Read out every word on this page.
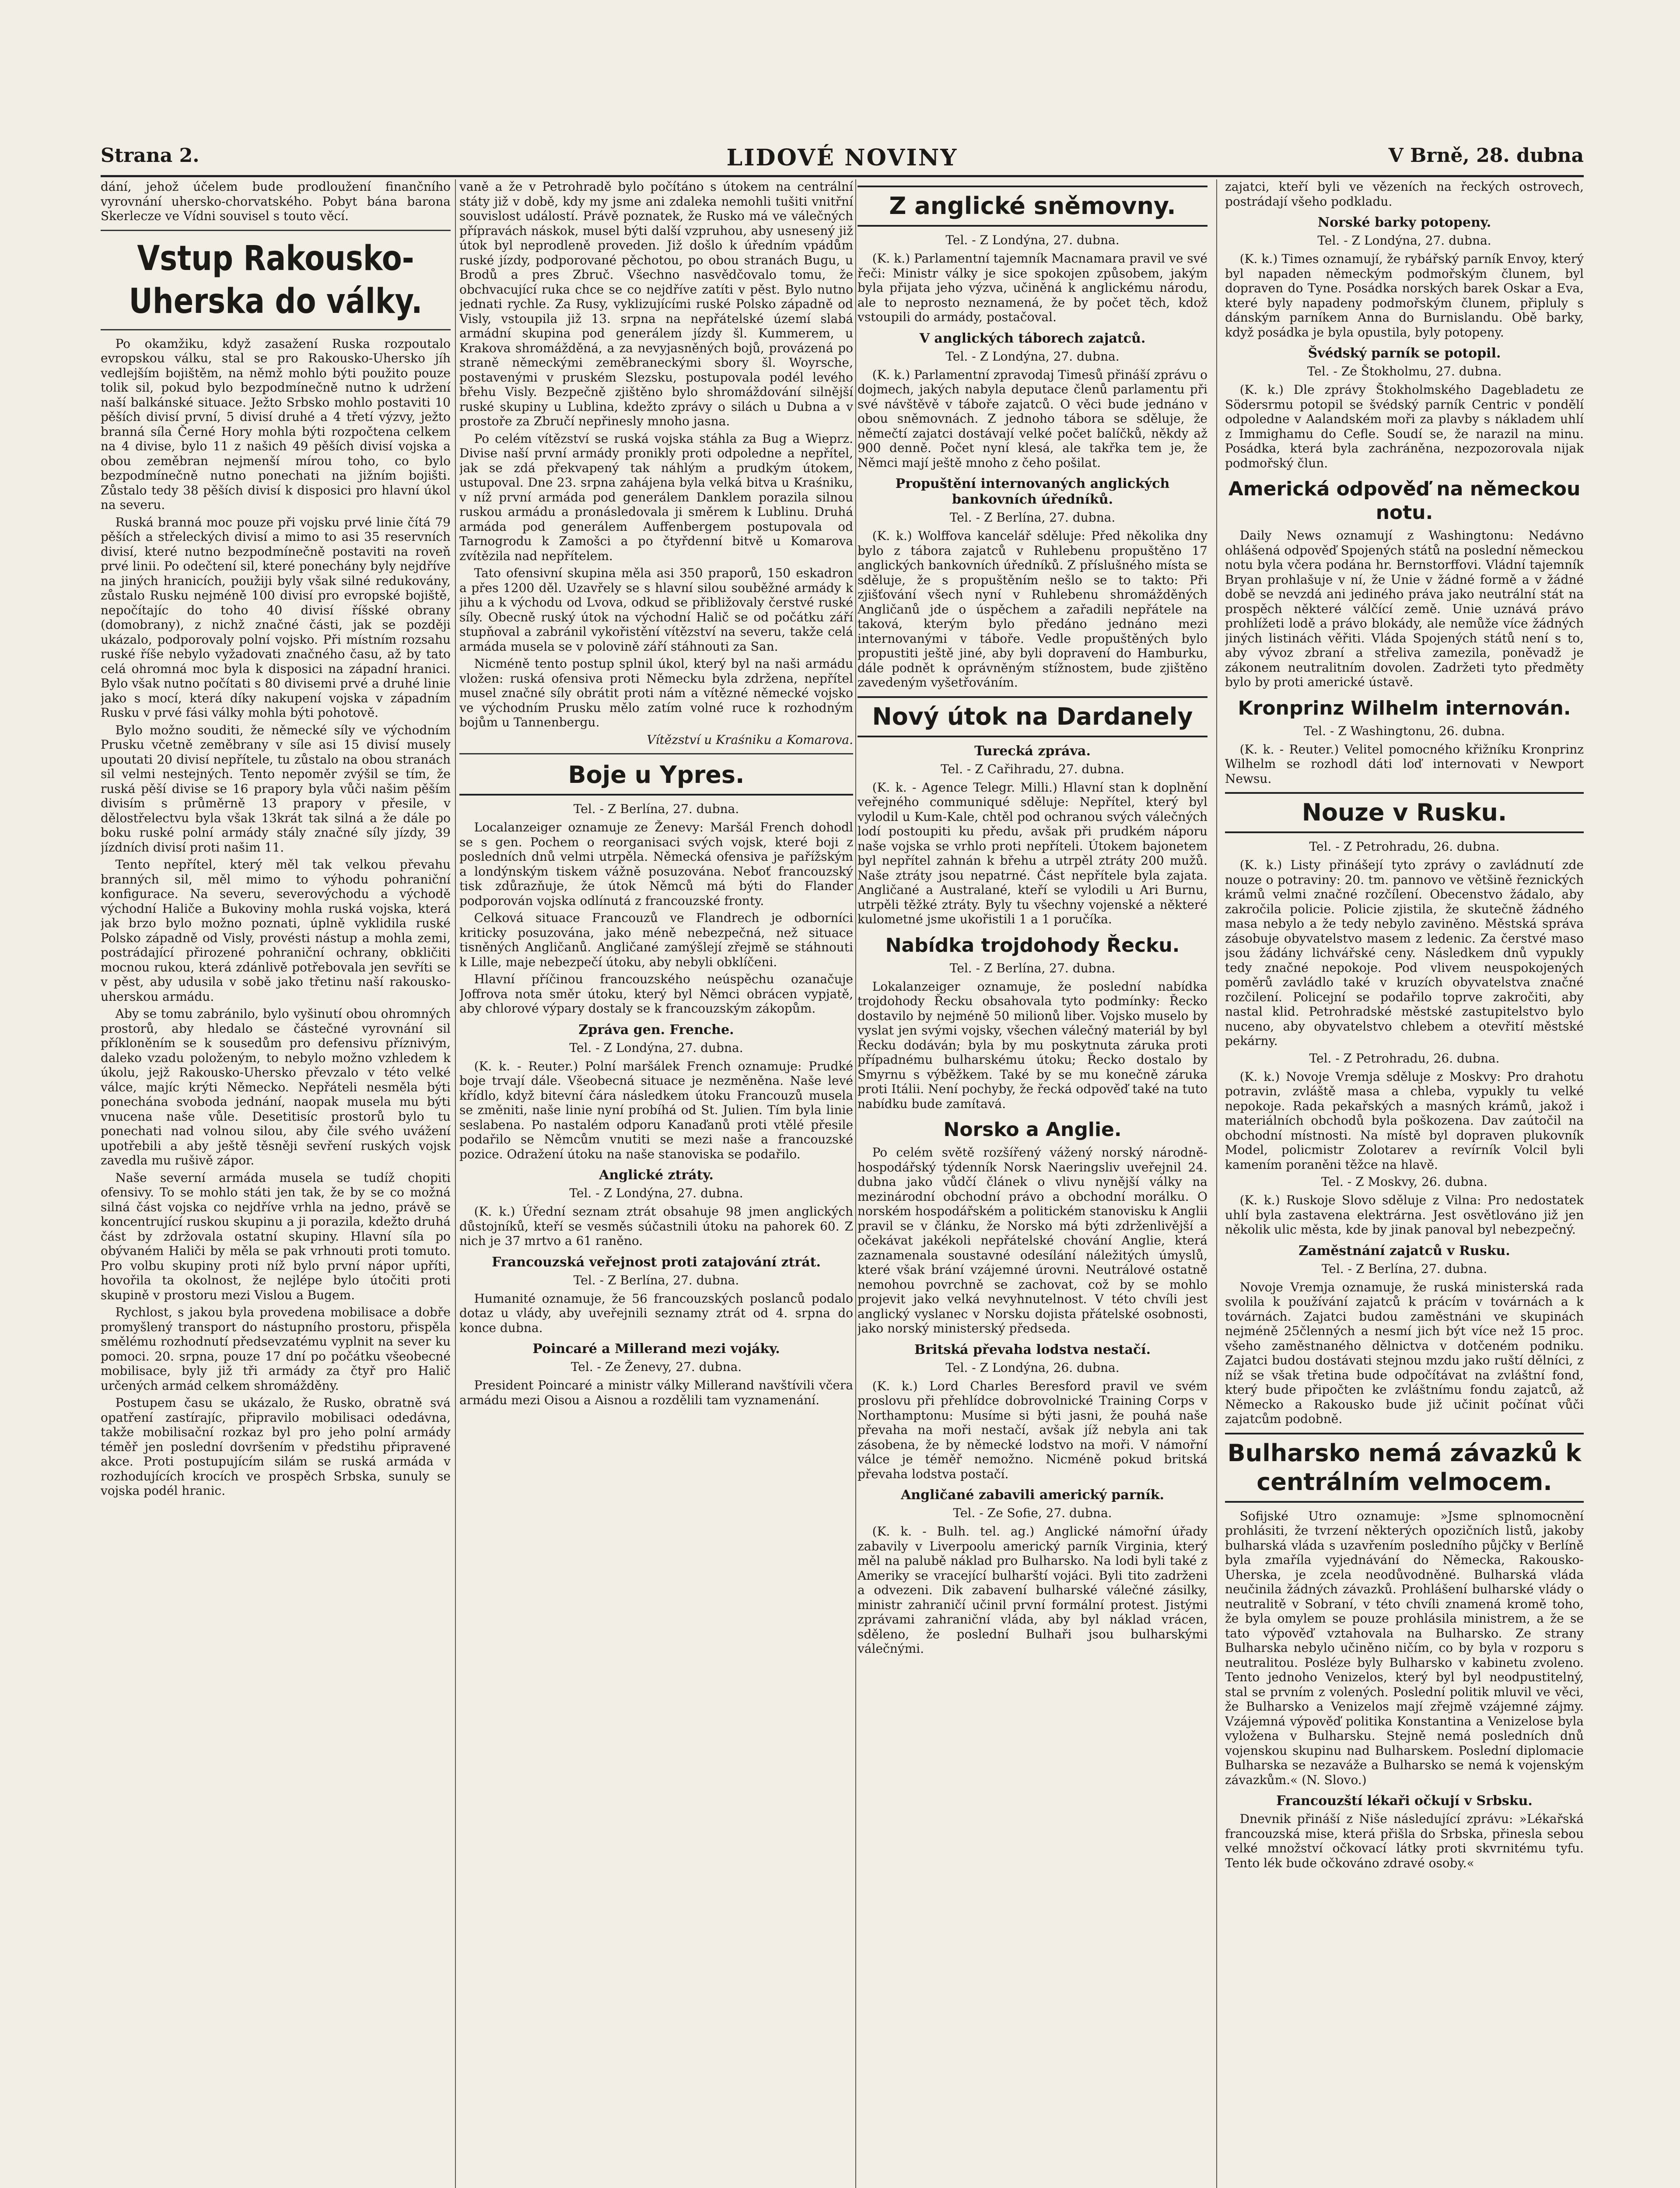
Strana 2.	LIDOVÉ NOVINY	V Brně, 28. dubna

dání, jehož účelem bude prodloužení finančního vyrovnání uhersko-chorvatského. Pobyt bána barona Skerlecze ve Vídni souvisel s touto věcí.

Vstup Rakousko-Uherska do války.

Po okamžiku, když zasažení Ruska rozpoutalo evropskou válku, stal se pro Rakousko-Uhersko jíh vedlejším bojištěm, na němž mohlo býti použito pouze tolik sil, pokud bylo bezpodmínečně nutno k udržení naší balkánské situace. Ježto Srbsko mohlo postaviti 10 pěších divisí první, 5 divisí druhé a 4 třetí výzvy, ježto branná síla Černé Hory mohla býti rozpočtena celkem na 4 divise, bylo 11 z našich 49 pěších divisí vojska a obou zeměbran nejmenší mírou toho, co bylo bezpodmínečně nutno ponechati na jižním bojišti. Zůstalo tedy 38 pěších divisí k disposici pro hlavní úkol na severu.

Ruská branná moc pouze při vojsku prvé linie čítá 79 pěších a střeleckých divisí a mimo to asi 35 reservních divisí, které nutno bezpodmínečně postaviti na roveň prvé linii. Po odečtení sil, které ponechány byly nejdříve na jiných hranicích, použiji byly však silné redukovány, zůstalo Rusku nejméně 100 divisí pro evropské bojiště, nepočítajíc do toho 40 divisí říšské obrany (domobrany), z nichž značné části, jak se později ukázalo, podporovaly polní vojsko. Při místním rozsahu ruské říše nebylo vyžadovati značného času, až by tato celá ohromná moc byla k disposici na západní hranici. Bylo však nutno počítati s 80 divisemi prvé a druhé linie jako s mocí, která díky nakupení vojska v západním Rusku v prvé fási války mohla býti pohotově.

Bylo možno souditi, že německé síly ve východním Prusku včetně zeměbrany v síle asi 15 divisí musely upoutati 20 divisí nepřítele, tu zůstalo na obou stranách sil velmi nestejných. Tento nepoměr zvýšil se tím, že ruská pěší divise se 16 prapory byla vůči našim pěším divisím s průměrně 13 prapory v přesile, v dělostřelectvu byla však 13krát tak silná a že dále po boku ruské polní armády stály značné síly jízdy, 39 jízdních divisí proti našim 11.

Tento nepřítel, který měl tak velkou převahu branných sil, měl mimo to výhodu pohraniční konfigurace. Na severu, severovýchodu a východě východní Haliče a Bukoviny mohla ruská vojska, která jak brzo bylo možno poznati, úplně vyklidila ruské Polsko západně od Visly, provésti nástup a mohla zemi, postrádající přirozené pohraniční ochrany, obkličiti mocnou rukou, která zdánlivě potřebovala jen sevříti se v pěst, aby udusila v sobě jako třetinu naší rakousko-uherskou armádu.

Aby se tomu zabránilo, bylo vyšinutí obou ohromných prostorů, aby hledalo se částečné vyrovnání sil příkloněním se k sousedům pro defensivu příznivým, daleko vzadu položeným, to nebylo možno vzhledem k úkolu, jejž Rakousko-Uhersko převzalo v této velké válce, majíc krýti Německo. Nepřáteli nesměla býti ponechána svoboda jednání, naopak musela mu býti vnucena naše vůle. Desetitisíc prostorů bylo tu ponechati nad volnou silou, aby čile svého uvážení upotřebili a aby ještě těsněji sevření ruských vojsk zavedla mu rušivě zápor.

Naše severní armáda musela se tudíž chopiti ofensivy. To se mohlo státi jen tak, že by se co možná silná část vojska co nejdříve vrhla na jedno, právě se koncentrující ruskou skupinu a ji porazila, kdežto druhá část by zdržovala ostatní skupiny. Hlavní síla po obývaném Haliči by měla se pak vrhnouti proti tomuto. Pro volbu skupiny proti níž bylo první nápor upříti, hovořila ta okolnost, že nejlépe bylo útočiti proti skupině v prostoru mezi Vislou a Bugem.

Rychlost, s jakou byla provedena mobilisace a dobře promyšlený transport do nástupního prostoru, přispěla smělému rozhodnutí předsevzatému vyplnit na sever ku pomoci. 20. srpna, pouze 17 dní po počátku všeobecné mobilisace, byly již tři armády za čtyř pro Halič určených armád celkem shromážděny.

Postupem času se ukázalo, že Rusko, obratně svá opatření zastírajíc, připravilo mobilisaci odedávna, takže mobilisační rozkaz byl pro jeho polní armády téměř jen poslední dovršením v předstihu připravené akce. Proti postupujícím silám se ruská armáda v rozhodujících krocích ve prospěch Srbska, sunuly se vojska podél hranic.

vaně a že v Petrohradě bylo počítáno s útokem na centrální státy již v době, kdy my jsme ani zdaleka nemohli tušiti vnitřní souvislost událostí. Právě poznatek, že Rusko má ve válečných přípravách náskok, musel býti další vzpruhou, aby usnesený již útok byl neprodleně proveden. Již došlo k úředním vpádům ruské jízdy, podporované pěchotou, po obou stranách Bugu, u Brodů a pres Zbruč. Všechno nasvědčovalo tomu, že obchvacující ruka chce se co nejdříve zatíti v pěst. Bylo nutno jednati rychle. Za Rusy, vyklizujícími ruské Polsko západně od Visly, vstoupila již 13. srpna na nepřátelské území slabá armádní skupina pod generálem jízdy šl. Kummerem, u Krakova shromážděná, a za nevyjasněných bojů, provázená po straně německými zeměbraneckými sbory šl. Woyrsche, postavenými v pruském Slezsku, postupovala podél levého břehu Visly. Bezpečně zjištěno bylo shromáždování silnější ruské skupiny u Lublina, kdežto zprávy o silách u Dubna a v prostoře za Zbručí nepřinesly mnoho jasna.

Po celém vítězství se ruská vojska stáhla za Bug a Wieprz. Divise naší první armády pronikly proti odpoledne a nepřítel, jak se zdá překvapený tak náhlým a prudkým útokem, ustupoval. Dne 23. srpna zahájena byla velká bitva u Kraśniku, v níž první armáda pod generálem Danklem porazila silnou ruskou armádu a pronásledovala ji směrem k Lublinu. Druhá armáda pod generálem Auffenbergem postupovala od Tarnogrodu k Zamošci a po čtyřdenní bitvě u Komarova zvítězila nad nepřítelem.

Tato ofensivní skupina měla asi 350 praporů, 150 eskadron a přes 1200 děl. Uzavřely se s hlavní silou souběžné armády k jihu a k východu od Lvova, odkud se přibližovaly čerstvé ruské síly. Obecně ruský útok na východní Halič se od počátku září stupňoval a zabránil vykořistění vítězství na severu, takže celá armáda musela se v polovině září stáhnouti za San.

Nicméně tento postup splnil úkol, který byl na naši armádu vložen: ruská ofensiva proti Německu byla zdržena, nepřítel musel značné síly obrátit proti nám a vítězné německé vojsko ve východním Prusku mělo zatím volné ruce k rozhodným bojům u Tannenbergu.

Vítězství u Kraśniku a Komarova.

Boje u Ypres.
Tel. - Z Berlína, 27. dubna.

Localanzeiger oznamuje ze Ženevy: Maršál French dohodl se s gen. Pochem o reorganisaci svých vojsk, které boji z posledních dnů velmi utrpěla. Německá ofensiva je pařížským a londýnským tiskem vážně posuzována. Neboť francouzský tisk zdůrazňuje, že útok Němců má býti do Flander podporován vojska odlínutá z francouzské fronty.

Celková situace Francouzů ve Flandrech je odborníci kriticky posuzována, jako méně nebezpečná, než situace tisněných Angličanů. Angličané zamýšlejí zřejmě se stáhnouti k Lille, maje nebezpečí útoku, aby nebyli obklíčeni.

Hlavní příčinou francouzského neúspěchu ozanačuje Joffrova nota směr útoku, který byl Němci obrácen vypjatě, aby chlorové výpary dostaly se k francouzským zákopům.

Zpráva gen. Frenche.
Tel. - Z Londýna, 27. dubna.

(K. k. - Reuter.) Polní maršálek French oznamuje: Prudké boje trvají dále. Všeobecná situace je nezměněna. Naše levé křídlo, když bitevní čára následkem útoku Francouzů musela se změniti, naše linie nyní probíhá od St. Julien. Tím byla linie seslabena. Po nastalém odporu Kanaďanů proti vtělé přesile podařilo se Němcům vnutiti se mezi naše a francouzské pozice. Odražení útoku na naše stanoviska se podařilo.

Anglické ztráty.
Tel. - Z Londýna, 27. dubna.

(K. k.) Úřední seznam ztrát obsahuje 98 jmen anglických důstojníků, kteří se vesměs súčastnili útoku na pahorek 60. Z nich je 37 mrtvo a 61 raněno.

Francouzská veřejnost proti zatajování ztrát.
Tel. - Z Berlína, 27. dubna.

Humanité oznamuje, že 56 francouzských poslanců podalo dotaz u vlády, aby uveřejnili seznamy ztrát od 4. srpna do konce dubna.

Poincaré a Millerand mezi vojáky.
Tel. - Ze Ženevy, 27. dubna.

President Poincaré a ministr války Millerand navštívili včera armádu mezi Oisou a Aisnou a rozdělili tam vyznamenání.

Z anglické sněmovny.
Tel. - Z Londýna, 27. dubna.

(K. k.) Parlamentní tajemník Macnamara pravil ve své řeči: Ministr války je sice spokojen způsobem, jakým byla přijata jeho výzva, učiněná k anglickému národu, ale to neprosto neznamená, že by počet těch, kdož vstoupili do armády, postačoval.

V anglických táborech zajatců.
Tel. - Z Londýna, 27. dubna.

(K. k.) Parlamentní zpravodaj Timesů přináší zprávu o dojmech, jakých nabyla deputace členů parlamentu při své návštěvě v táboře zajatců. O věci bude jednáno v obou sněmovnách. Z jednoho tábora se sděluje, že němečtí zajatci dostávají velké počet balíčků, někdy až 900 denně. Počet nyní klesá, ale takřka tem je, že Němci mají ještě mnoho z čeho pošilat.

Propuštění internovaných anglických bankovních úředníků.
Tel. - Z Berlína, 27. dubna.

(K. k.) Wolffova kancelář sděluje: Před několika dny bylo z tábora zajatců v Ruhlebenu propuštěno 17 anglických bankovních úředníků. Z příslušného místa se sděluje, že s propuštěním nešlo se to takto: Při zjišťování všech nyní v Ruhlebenu shromážděných Angličanů jde o úspěchem a zařadili nepřátele na taková, kterým bylo předáno jednáno mezi internovanými v táboře. Vedle propuštěných bylo propustiti ještě jiné, aby byli dopravení do Hamburku, dále podnět k oprávněným stížnostem, bude zjištěno zavedeným vyšetřováním.

Nový útok na Dardanely
Turecká zpráva.
Tel. - Z Cařihradu, 27. dubna.

(K. k. - Agence Telegr. Milli.) Hlavní stan k doplnění veřejného communiqué sděluje: Nepřítel, který byl vylodil u Kum-Kale, chtěl pod ochranou svých válečných lodí postoupiti ku předu, avšak při prudkém náporu naše vojska se vrhlo proti nepříteli. Útokem bajonetem byl nepřítel zahnán k břehu a utrpěl ztráty 200 mužů. Naše ztráty jsou nepatrné. Část nepřítele byla zajata. Angličané a Australané, kteří se vylodili u Ari Burnu, utrpěli těžké ztráty. Byly tu všechny vojenské a některé kulometné jsme ukořistili 1 a 1 poručíka.

Nabídka trojdohody Řecku.
Tel. - Z Berlína, 27. dubna.

Lokalanzeiger oznamuje, že poslední nabídka trojdohody Řecku obsahovala tyto podmínky: Řecko dostavilo by nejméně 50 milionů liber. Vojsko muselo by vyslat jen svými vojsky, všechen válečný materiál by byl Řecku dodáván; byla by mu poskytnuta záruka proti případnému bulharskému útoku; Řecko dostalo by Smyrnu s výběžkem. Také by se mu konečně záruka proti Itálii. Není pochyby, že řecká odpověď také na tuto nabídku bude zamítavá.

Norsko a Anglie.

Po celém světě rozšířený vážený norský národně-hospodářský týdenník Norsk Naeringsliv uveřejnil 24. dubna jako vůdčí článek o vlivu nynější války na mezinárodní obchodní právo a obchodní morálku. O norském hospodářském a politickém stanovisku k Anglii pravil se v článku, že Norsko má býti zdrženlivější a očekávat jakékoli nepřátelské chování Anglie, která zaznamenala soustavné odesílání náležitých úmyslů, které však brání vzájemné úrovni. Neutrálové ostatně nemohou povrchně se zachovat, což by se mohlo projevit jako velká nevyhnutelnost. V této chvíli jest anglický vyslanec v Norsku dojista přátelské osobnosti, jako norský ministerský předseda.

Britská převaha lodstva nestačí.
Tel. - Z Londýna, 26. dubna.

(K. k.) Lord Charles Beresford pravil ve svém proslovu při přehlídce dobrovolnické Training Corps v Northamptonu: Musíme si býti jasni, že pouhá naše převaha na moři nestačí, avšak jíž nebyla ani tak zásobena, že by německé lodstvo na moři. V námořní válce je téměř nemožno. Nicméně pokud britská převaha lodstva postačí.

Angličané zabavili americký parník.
Tel. - Ze Sofie, 27. dubna.

(K. k. - Bulh. tel. ag.) Anglické námořní úřady zabavily v Liverpoolu americký parník Virginia, který měl na palubě náklad pro Bulharsko. Na lodi byli také z Ameriky se vracející bulharští vojáci. Byli tito zadrženi a odvezeni. Dik zabavení bulharské válečné zásilky, ministr zahraničí učinil první formální protest. Jistými zprávami zahraniční vláda, aby byl náklad vrácen, sděleno, že poslední Bulhaři jsou bulharskými válečnými.

zajatci, kteří byli ve vězeních na řeckých ostrovech, postrádají všeho podkladu.

Norské barky potopeny.
Tel. - Z Londýna, 27. dubna.

(K. k.) Times oznamují, že rybářský parník Envoy, který byl napaden německým podmořským člunem, byl dopraven do Tyne. Posádka norských barek Oskar a Eva, které byly napadeny podmořským člunem, připluly s dánským parníkem Anna do Burnislandu. Obě barky, když posádka je byla opustila, byly potopeny.

Švédský parník se potopil.
Tel. - Ze Štokholmu, 27. dubna.

(K. k.) Dle zprávy Štokholmského Dagebladetu ze Södersrmu potopil se švédský parník Centric v pondělí odpoledne v Aalandském moři za plavby s nákladem uhlí z Immighamu do Cefle. Soudí se, že narazil na minu. Posádka, která byla zachráněna, nezpozorovala nijak podmořský člun.

Americká odpověď na německou notu.

Daily News oznamují z Washingtonu: Nedávno ohlášená odpověď Spojených států na poslední německou notu byla včera podána hr. Bernstorffovi. Vládní tajemník Bryan prohlašuje v ní, že Unie v žádné formě a v žádné době se nevzdá ani jediného práva jako neutrální stát na prospěch některé válčící země. Unie uznává právo prohlížeti lodě a právo blokády, ale nemůže více žádných jiných listinách věřiti. Vláda Spojených států není s to, aby vývoz zbraní a střeliva zamezila, poněvadž je zákonem neutralitním dovolen. Zadržeti tyto předměty bylo by proti americké ústavě.

Kronprinz Wilhelm internován.
Tel. - Z Washingtonu, 26. dubna.

(K. k. - Reuter.) Velitel pomocného křižníku Kronprinz Wilhelm se rozhodl dáti loď internovati v Newport Newsu.

Nouze v Rusku.
Tel. - Z Petrohradu, 26. dubna.

(K. k.) Listy přinášejí tyto zprávy o zavládnutí zde nouze o potraviny: 20. tm. pannovo ve většině řeznických krámů velmi značné rozčílení. Obecenstvo žádalo, aby zakročila policie. Policie zjistila, že skutečně žádného masa nebylo a že tedy nebylo zaviněno. Městská správa zásobuje obyvatelstvo masem z ledenic. Za čerstvé maso jsou žádány lichvářské ceny. Následkem dnů vypukly tedy značné nepokoje. Pod vlivem neuspokojených poměrů zavládlo také v kruzích obyvatelstva značné rozčilení. Policejní se podařilo toprve zakročiti, aby nastal klid. Petrohradské městské zastupitelstvo bylo nuceno, aby obyvatelstvo chlebem a otevřití městské pekárny.

Tel. - Z Petrohradu, 26. dubna.

(K. k.) Novoje Vremja sděluje z Moskvy: Pro drahotu potravin, zvláště masa a chleba, vypukly tu velké nepokoje. Rada pekařských a masných krámů, jakož i materiálních obchodů byla poškozena. Dav zaútočil na obchodní místnosti. Na místě byl dopraven plukovník Model, policmistr Zolotarev a revírník Volcil byli kamením poraněni těžce na hlavě.

Tel. - Z Moskvy, 26. dubna.

(K. k.) Ruskoje Slovo sděluje z Vilna: Pro nedostatek uhlí byla zastavena elektrárna. Jest osvětlováno již jen několik ulic města, kde by jinak panoval byl nebezpečný.

Zaměstnání zajatců v Rusku.
Tel. - Z Berlína, 27. dubna.

Novoje Vremja oznamuje, že ruská ministerská rada svolila k používání zajatců k prácím v továrnách a k továrnách. Zajatci budou zaměstnáni ve skupinách nejméně 25členných a nesmí jich být více než 15 proc. všeho zaměstnaného dělnictva v dotčeném podniku. Zajatci budou dostávati stejnou mzdu jako ruští dělníci, z níž se však třetina bude odpočítávat na zvláštní fond, který bude připočten ke zvláštnímu fondu zajatců, až Německo a Rakousko bude již učinit počínat vůči zajatcům podobně.

Bulharsko nemá závazků k centrálním velmocem.

Sofijské Utro oznamuje: »Jsme splnomocnění prohlásiti, že tvrzení některých opozičních listů, jakoby bulharská vláda s uzavřením posledního půjčky v Berlíně byla zmaříla vyjednávání do Německa, Rakousko-Uherska, je zcela neodůvodněné. Bulharská vláda neučinila žádných závazků. Prohlášení bulharské vlády o neutralitě v Sobraní, v této chvíli znamená kromě toho, že byla omylem se pouze prohlásila ministrem, a že se tato výpověď vztahovala na Bulharsko. Ze strany Bulharska nebylo učiněno ničím, co by byla v rozporu s neutralitou. Posléze byly Bulharsko v kabinetu zvoleno. Tento jednoho Venizelos, který byl byl neodpustitelný, stal se prvním z volených. Poslední politik mluvil ve věci, že Bulharsko a Venizelos mají zřejmě vzájemné zájmy. Vzájemná výpověď politika Konstantina a Venizelose byla vyložena v Bulharsku. Stejně nemá posledních dnů vojenskou skupinu nad Bulharskem. Poslední diplomacie Bulharska se nezaváže a Bulharsko se nemá k vojenským závazkům.« (N. Slovo.)

Francouzští lékaři očkují v Srbsku.

Dnevnik přináší z Niše následující zprávu: »Lékařská francouzská mise, která přišla do Srbska, přinesla sebou velké množství očkovací látky proti skvrnitému tyfu. Tento lék bude očkováno zdravé osoby.«
